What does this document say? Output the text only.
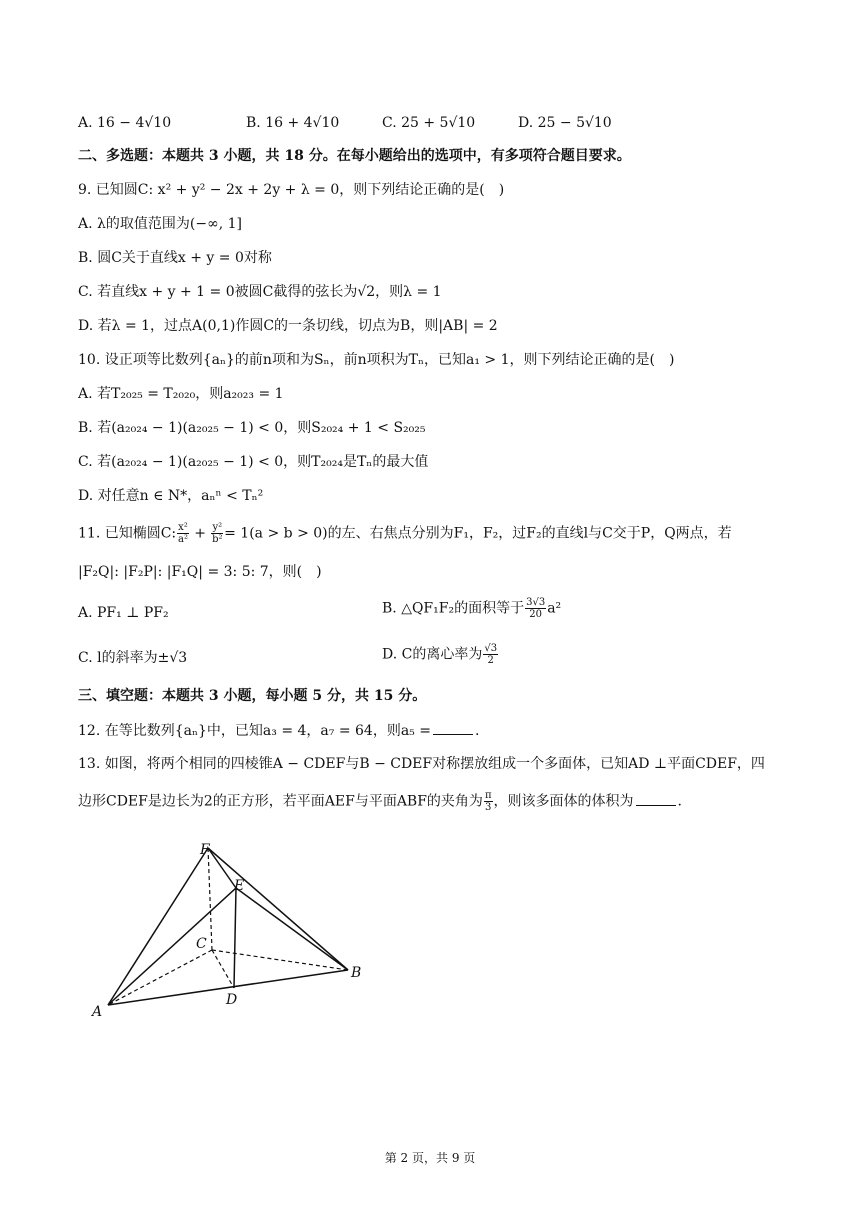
A. 16 − 4√10	B. 16 + 4√10	C. 25 + 5√10	D. 25 − 5√10
二、多选题：本题共 3 小题，共 18 分。在每小题给出的选项中，有多项符合题目要求。
9. 已知圆C: x² + y² − 2x + 2y + λ = 0，则下列结论正确的是(　)
A. λ的取值范围为(−∞, 1]
B. 圆C关于直线x + y = 0对称
C. 若直线x + y + 1 = 0被圆C截得的弦长为√2，则λ = 1
D. 若λ = 1，过点A(0,1)作圆C的一条切线，切点为B，则|AB| = 2
10. 设正项等比数列{aₙ}的前n项和为Sₙ，前n项积为Tₙ，已知a₁ > 1，则下列结论正确的是(　)
A. 若T₂₀₂₅ = T₂₀₂₀，则a₂₀₂₃ = 1
B. 若(a₂₀₂₄ − 1)(a₂₀₂₅ − 1) < 0，则S₂₀₂₄ + 1 < S₂₀₂₅
C. 若(a₂₀₂₄ − 1)(a₂₀₂₅ − 1) < 0，则T₂₀₂₄是Tₙ的最大值
D. 对任意n ∈ N*，aₙⁿ < Tₙ²
11. 已知椭圆C: $\frac{\text{x²}}{\text{a²}} + \frac{\text{y²}}{\text{b²}} = 1(a > b > 0)$的左、右焦点分别为F₁，F₂，过F₂的直线l与C交于P，Q两点，若
|F₂Q|: |F₂P|: |F₁Q| = 3: 5: 7，则(　)
A. PF₁ ⊥ PF₂	B. △QF₁F₂的面积等于 $\frac{3√3}{20} a^2$
C. l的斜率为±√3	D. C的离心率为 $\frac{√3}{2}$
三、填空题：本题共 3 小题，每小题 5 分，共 15 分。
12. 在等比数列{aₙ}中，已知a₃ = 4，a₇ = 64，则a₅ =	.
13. 如图，将两个相同的四棱锥A − CDEF与B − CDEF对称摆放组成一个多面体，已知AD ⊥平面CDEF，四
边形CDEF是边长为2的正方形，若平面AEF与平面ABF的夹角为 $\frac{\pi}{3}$ ，则该多面体的体积为	.
A
B
C
D
E
F
第 2 页，共 9 页
